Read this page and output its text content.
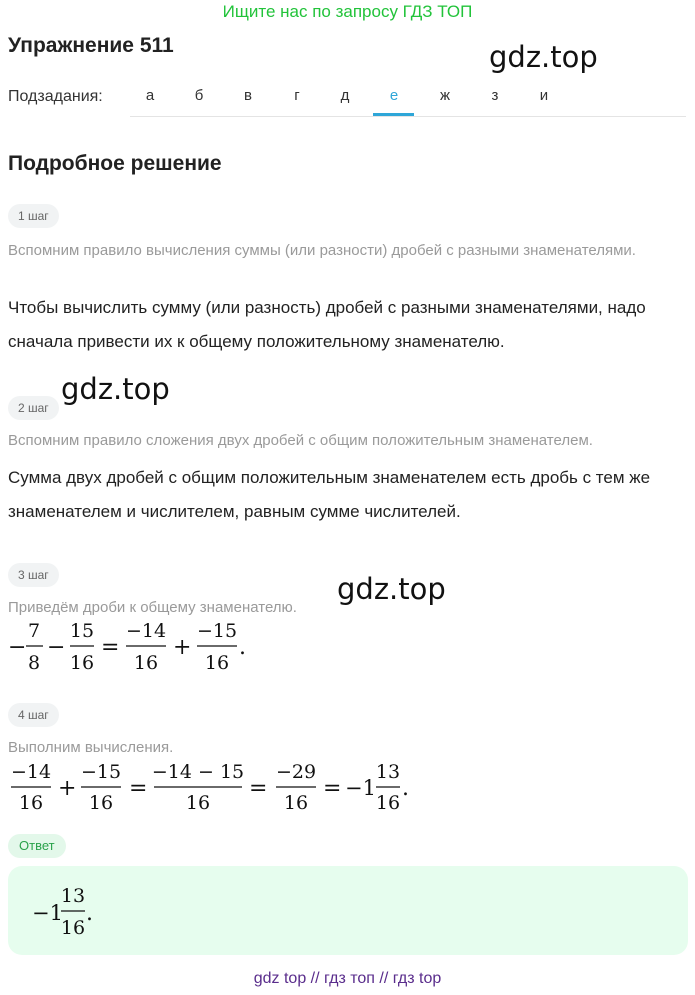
Ищите нас по запросу ГДЗ ТОП
Упражнение 511	gdz.top
gdz.top
gdz.top
Подзадания:	а	б	в	г	д	е	ж	з	и
Подробное решение
1 шаг
Вспомним правило вычисления суммы (или разности) дробей с разными знаменателями.
Чтобы вычислить сумму (или разность) дробей с разными знаменателями, надо сначала привести их к общему положительному знаменателю.
2 шаг
Вспомним правило сложения двух дробей с общим положительным знаменателем.
Сумма двух дробей с общим положительным знаменателем есть дробь с тем же знаменателем и числителем, равным сумме числителей.
3 шаг
Приведём дроби к общему знаменателю.
−
7
8
−
15
16
=
−14
16
+
−15
16
.
4 шаг
Выполним вычисления.
−14
16
+
−15
16
=
−14 − 15
16
=
−29
16
= −1
13
16
.
Ответ
−1
13
16
.
gdz top // гдз топ // гдз top
